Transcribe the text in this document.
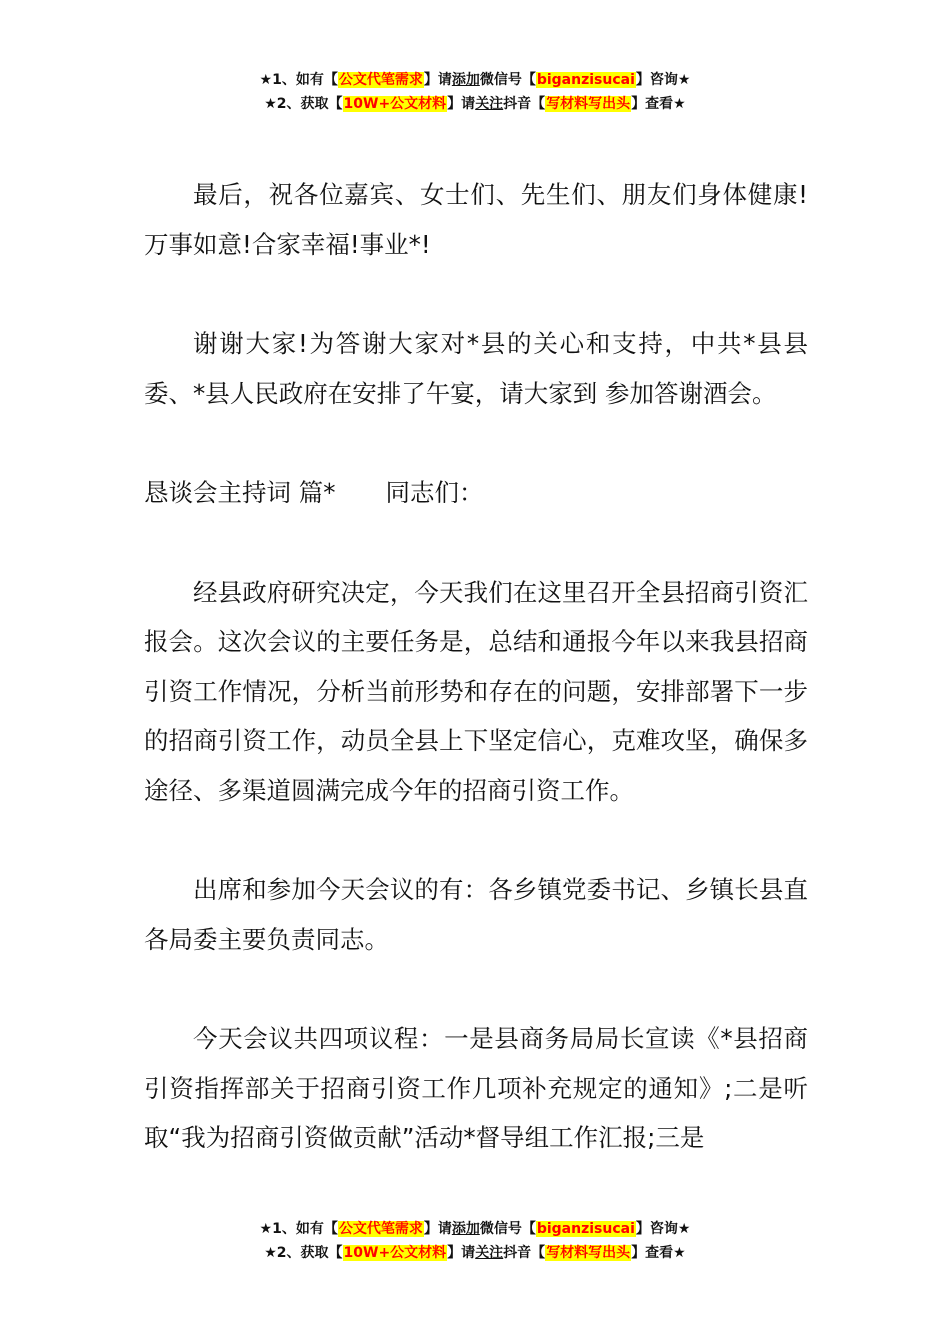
★1、如有【公文代笔需求】请添加微信号【biganzisucai】咨询★
★2、获取【10W+公文材料】请关注抖音【写材料写出头】查看★

最后，祝各位嘉宾、女士们、先生们、朋友们身体健康!万事如意!合家幸福!事业*!

谢谢大家!为答谢大家对*县的关心和支持，中共*县县委、*县人民政府在安排了午宴，请大家到 参加答谢酒会。

恳谈会主持词 篇* 同志们：

经县政府研究决定，今天我们在这里召开全县招商引资汇报会。这次会议的主要任务是，总结和通报今年以来我县招商引资工作情况，分析当前形势和存在的问题，安排部署下一步的招商引资工作，动员全县上下坚定信心，克难攻坚，确保多途径、多渠道圆满完成今年的招商引资工作。

出席和参加今天会议的有：各乡镇党委书记、乡镇长县直各局委主要负责同志。

今天会议共四项议程：一是县商务局局长宣读《*县招商引资指挥部关于招商引资工作几项补充规定的通知》;二是听取“我为招商引资做贡献”活动*督导组工作汇报;三是

★1、如有【公文代笔需求】请添加微信号【biganzisucai】咨询★
★2、获取【10W+公文材料】请关注抖音【写材料写出头】查看★
